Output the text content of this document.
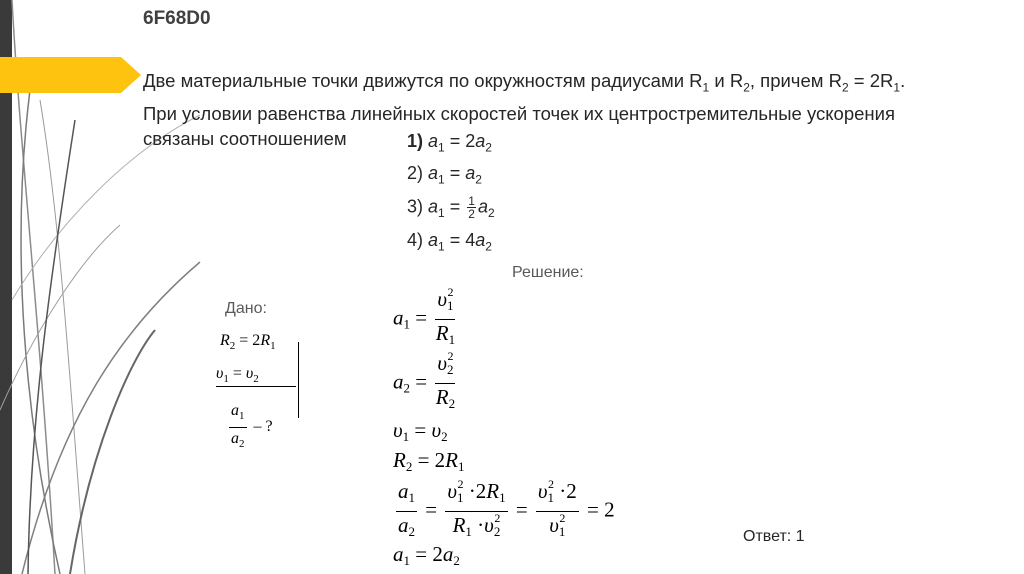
6F68D0
Две материальные точки движутся по окружностям радиусами $R_1$ и $R_2$, причем $R_2 = 2R_1$.
При условии равенства линейных скоростей точек их центростремительные ускорения
связаны соотношением	1) $a_1 = 2a_2$
2) $a_1 = a_2$
3) $a_1 = \frac{1}{2} a_2$
4) $a_1 = 4a_2$
Решение:
Дано:
$R_2 = 2R_1$
$\upsilon_1 = \upsilon_2$
$\frac{a_1}{a_2}$ – ?
$a_1 = \frac{\upsilon_1^2}{R_1}$
$a_2 = \frac{\upsilon_2^2}{R_2}$
$\upsilon_1 = \upsilon_2$
$R_2 = 2R_1$
$\frac{a_1}{a_2} = \frac{\upsilon_1^2 \cdot 2R_1}{R_1 \cdot\upsilon_2^2} = \frac{\upsilon_1^2 \cdot 2}{\upsilon_1^2} = 2$
$a_1 = 2a_2$
Ответ: 1
